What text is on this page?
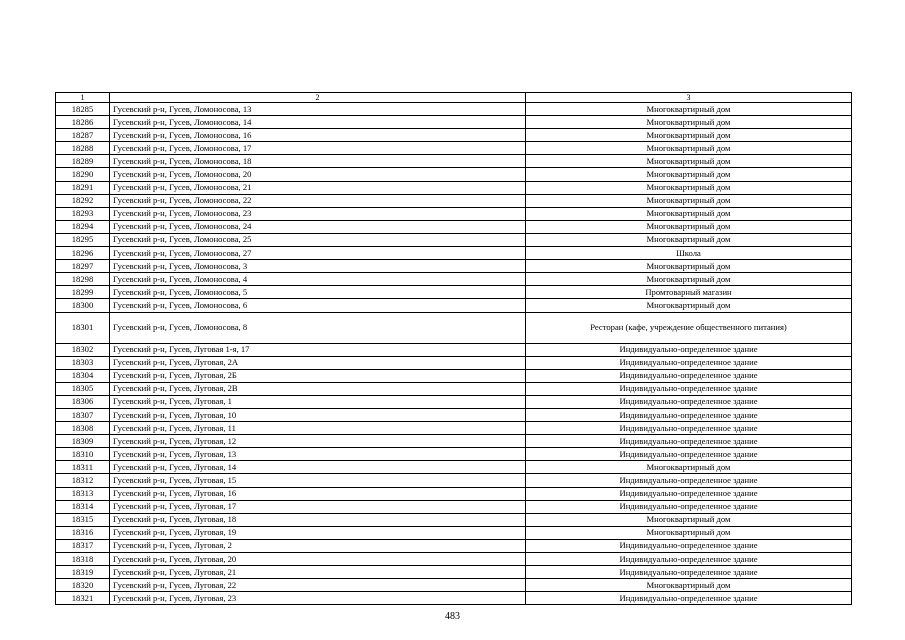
1	2	3
18285	Гусевский р-н, Гусев, Ломоносова, 13	Многоквартирный дом
18286	Гусевский р-н, Гусев, Ломоносова, 14	Многоквартирный дом
18287	Гусевский р-н, Гусев, Ломоносова, 16	Многоквартирный дом
18288	Гусевский р-н, Гусев, Ломоносова, 17	Многоквартирный дом
18289	Гусевский р-н, Гусев, Ломоносова, 18	Многоквартирный дом
18290	Гусевский р-н, Гусев, Ломоносова, 20	Многоквартирный дом
18291	Гусевский р-н, Гусев, Ломоносова, 21	Многоквартирный дом
18292	Гусевский р-н, Гусев, Ломоносова, 22	Многоквартирный дом
18293	Гусевский р-н, Гусев, Ломоносова, 23	Многоквартирный дом
18294	Гусевский р-н, Гусев, Ломоносова, 24	Многоквартирный дом
18295	Гусевский р-н, Гусев, Ломоносова, 25	Многоквартирный дом
18296	Гусевский р-н, Гусев, Ломоносова, 27	Школа
18297	Гусевский р-н, Гусев, Ломоносова, 3	Многоквартирный дом
18298	Гусевский р-н, Гусев, Ломоносова, 4	Многоквартирный дом
18299	Гусевский р-н, Гусев, Ломоносова, 5	Промтоварный магазин
18300	Гусевский р-н, Гусев, Ломоносова, 6	Многоквартирный дом
18301	Гусевский р-н, Гусев, Ломоносова, 8	Ресторан (кафе, учреждение общественного питания)
18302	Гусевский р-н, Гусев, Луговая 1-я, 17	Индивидуально-определенное здание
18303	Гусевский р-н, Гусев, Луговая, 2А	Индивидуально-определенное здание
18304	Гусевский р-н, Гусев, Луговая, 2Б	Индивидуально-определенное здание
18305	Гусевский р-н, Гусев, Луговая, 2В	Индивидуально-определенное здание
18306	Гусевский р-н, Гусев, Луговая, 1	Индивидуально-определенное здание
18307	Гусевский р-н, Гусев, Луговая, 10	Индивидуально-определенное здание
18308	Гусевский р-н, Гусев, Луговая, 11	Индивидуально-определенное здание
18309	Гусевский р-н, Гусев, Луговая, 12	Индивидуально-определенное здание
18310	Гусевский р-н, Гусев, Луговая, 13	Индивидуально-определенное здание
18311	Гусевский р-н, Гусев, Луговая, 14	Многоквартирный дом
18312	Гусевский р-н, Гусев, Луговая, 15	Индивидуально-определенное здание
18313	Гусевский р-н, Гусев, Луговая, 16	Индивидуально-определенное здание
18314	Гусевский р-н, Гусев, Луговая, 17	Индивидуально-определенное здание
18315	Гусевский р-н, Гусев, Луговая, 18	Многоквартирный дом
18316	Гусевский р-н, Гусев, Луговая, 19	Многоквартирный дом
18317	Гусевский р-н, Гусев, Луговая, 2	Индивидуально-определенное здание
18318	Гусевский р-н, Гусев, Луговая, 20	Индивидуально-определенное здание
18319	Гусевский р-н, Гусев, Луговая, 21	Индивидуально-определенное здание
18320	Гусевский р-н, Гусев, Луговая, 22	Многоквартирный дом
18321	Гусевский р-н, Гусев, Луговая, 23	Индивидуально-определенное здание
483
